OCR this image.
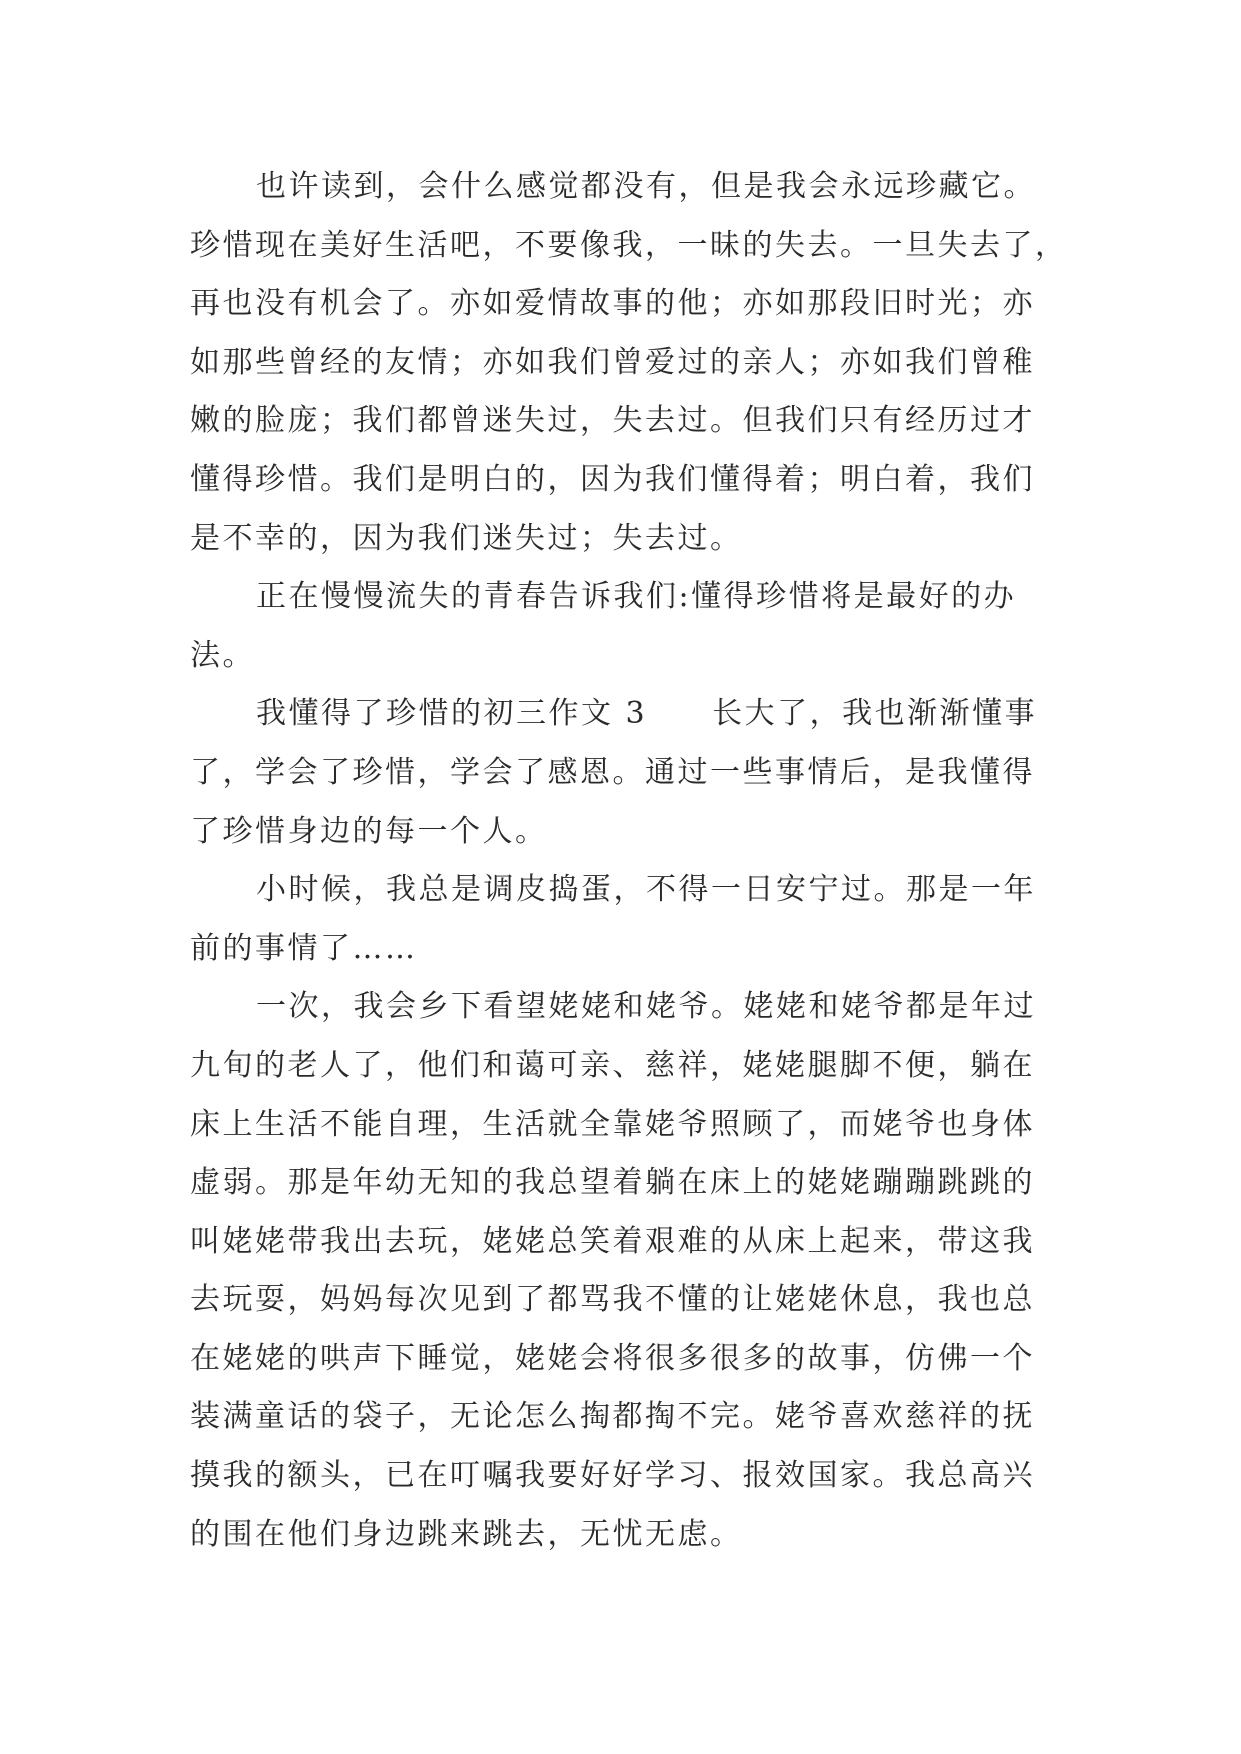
也许读到，会什么感觉都没有，但是我会永远珍藏它。
珍惜现在美好生活吧，不要像我，一昧的失去。一旦失去了，
再也没有机会了。亦如爱情故事的他；亦如那段旧时光；亦
如那些曾经的友情；亦如我们曾爱过的亲人；亦如我们曾稚
嫩的脸庞；我们都曾迷失过，失去过。但我们只有经历过才
懂得珍惜。我们是明白的，因为我们懂得着；明白着，我们
是不幸的，因为我们迷失过；失去过。
正在慢慢流失的青春告诉我们:懂得珍惜将是最好的办
法。
我懂得了珍惜的初三作文 3　　长大了，我也渐渐懂事
了，学会了珍惜，学会了感恩。通过一些事情后，是我懂得
了珍惜身边的每一个人。
小时候，我总是调皮捣蛋，不得一日安宁过。那是一年
前的事情了……
一次，我会乡下看望姥姥和姥爷。姥姥和姥爷都是年过
九旬的老人了，他们和蔼可亲、慈祥，姥姥腿脚不便，躺在
床上生活不能自理，生活就全靠姥爷照顾了，而姥爷也身体
虚弱。那是年幼无知的我总望着躺在床上的姥姥蹦蹦跳跳的
叫姥姥带我出去玩，姥姥总笑着艰难的从床上起来，带这我
去玩耍，妈妈每次见到了都骂我不懂的让姥姥休息，我也总
在姥姥的哄声下睡觉，姥姥会将很多很多的故事，仿佛一个
装满童话的袋子，无论怎么掏都掏不完。姥爷喜欢慈祥的抚
摸我的额头，已在叮嘱我要好好学习、报效国家。我总高兴
的围在他们身边跳来跳去，无忧无虑。
